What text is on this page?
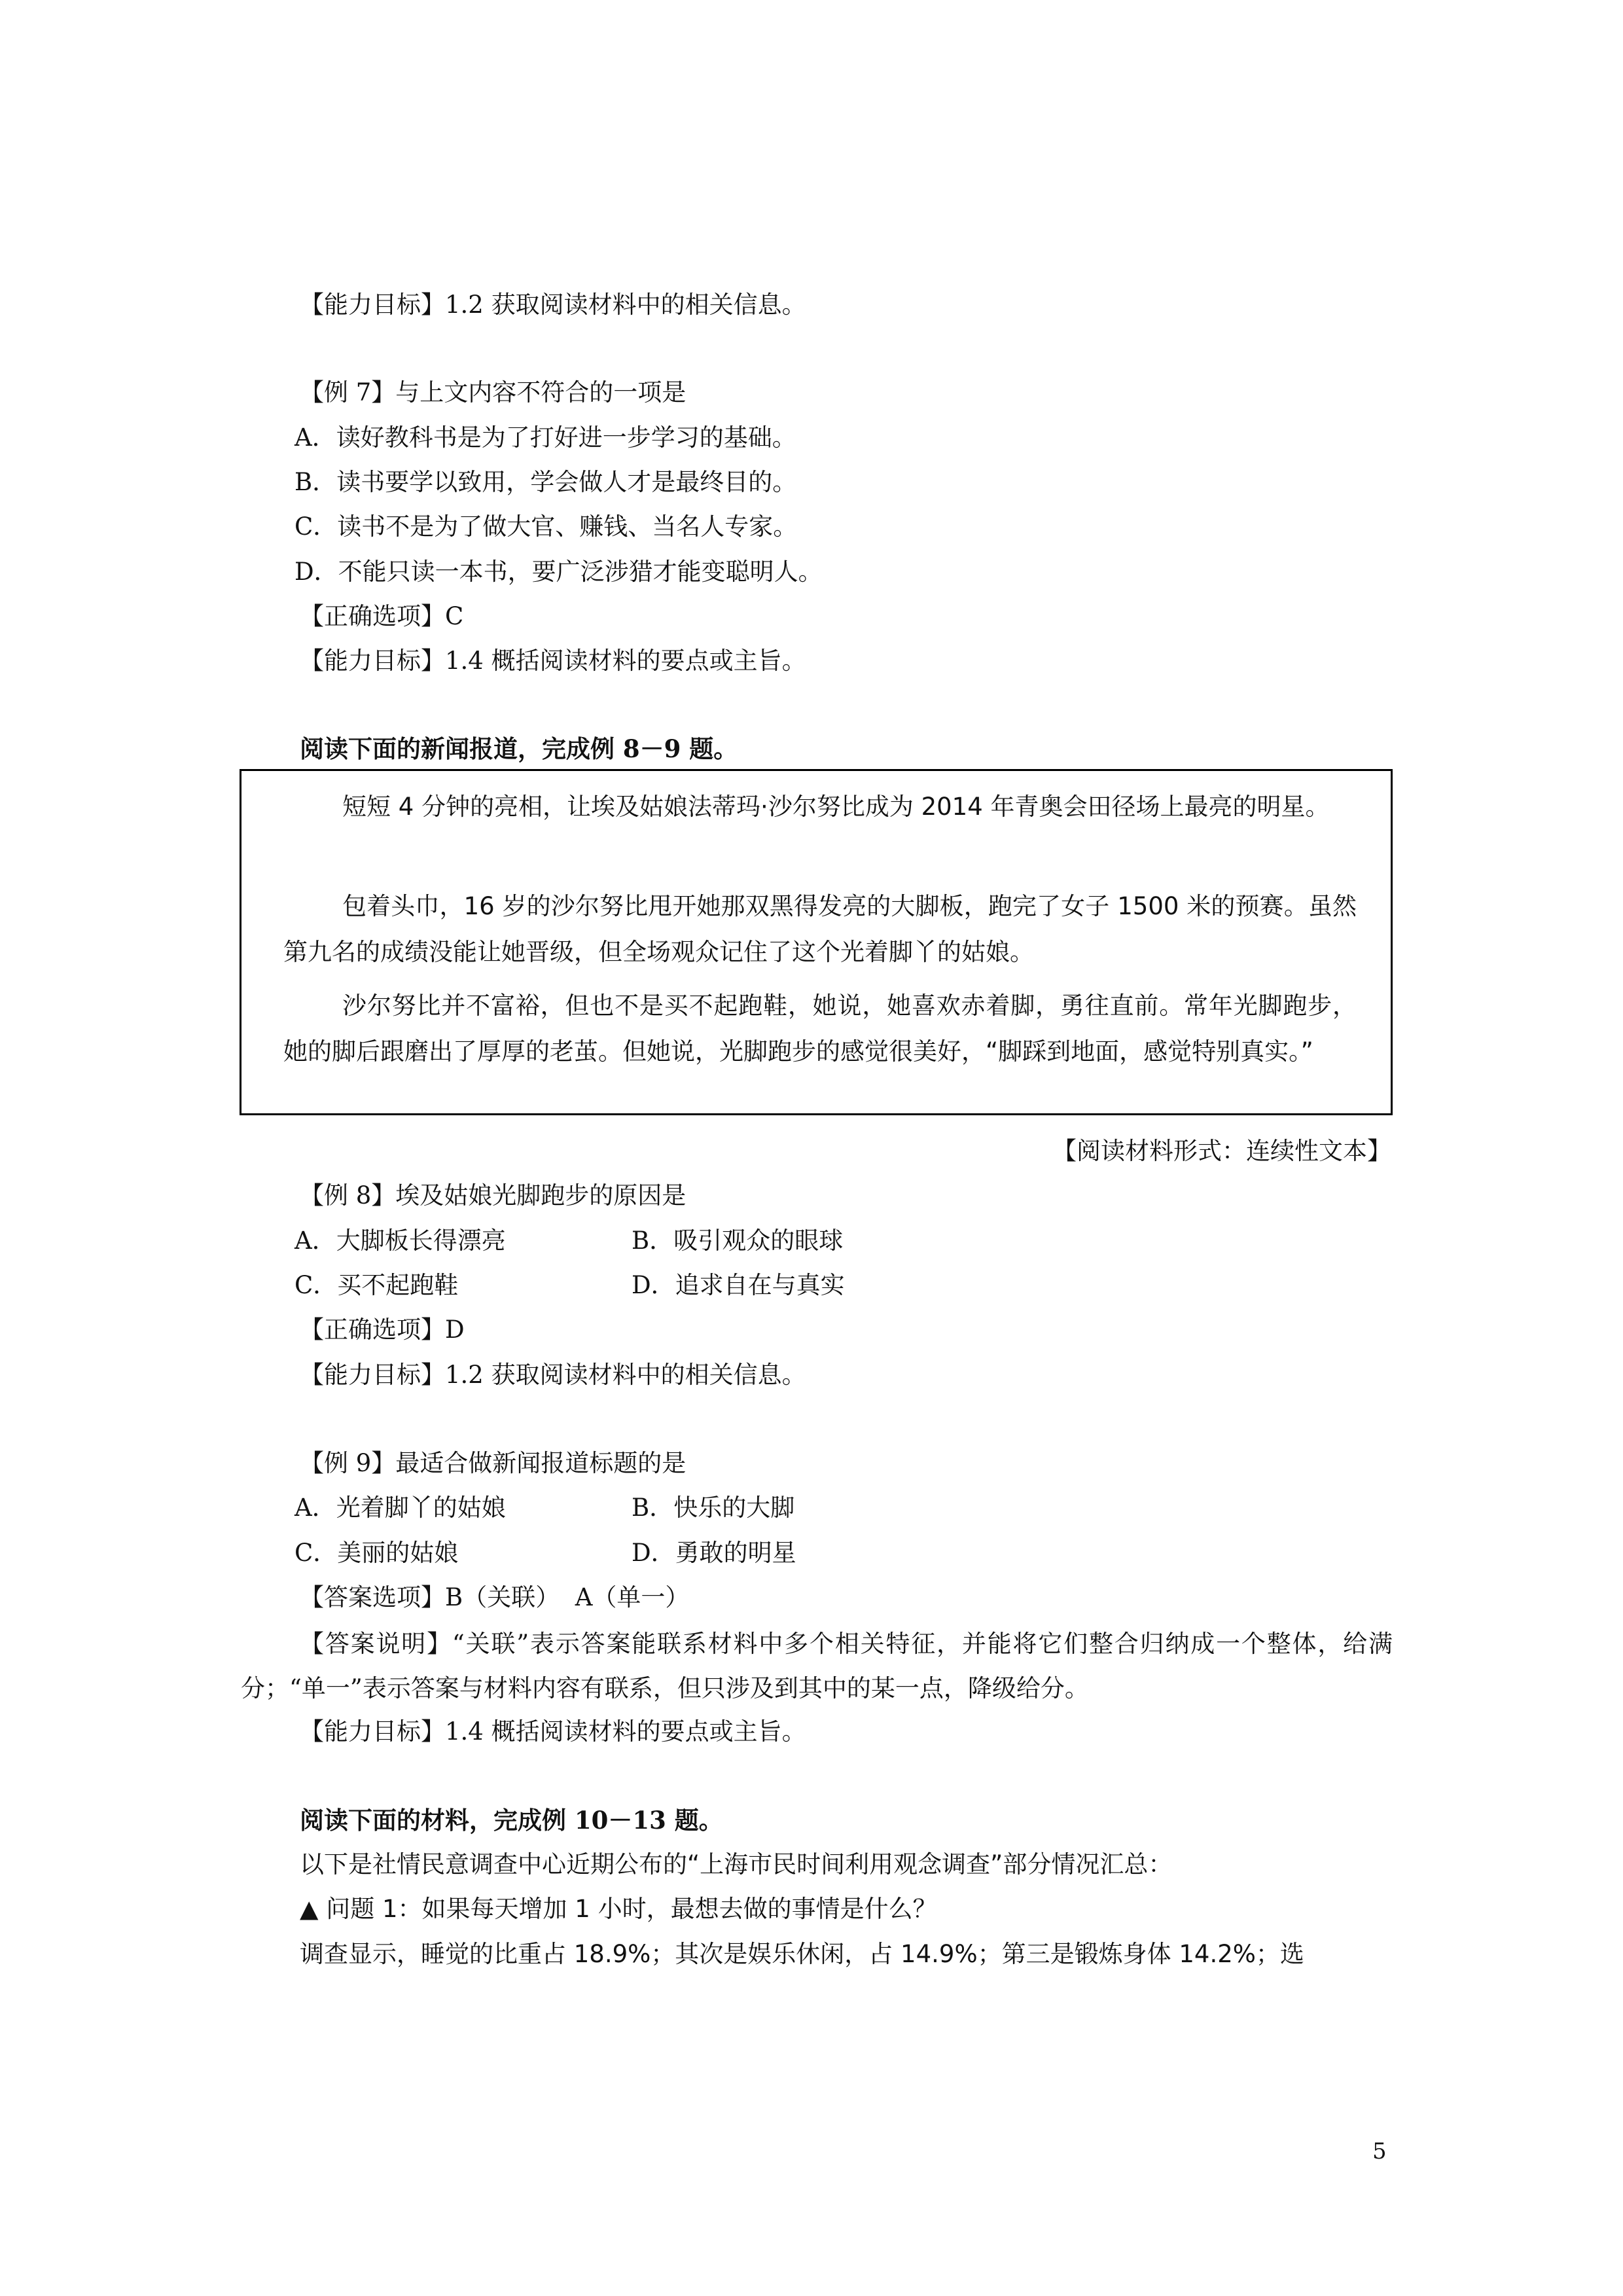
【能力目标】1.2 获取阅读材料中的相关信息。
【例 7】与上文内容不符合的一项是
A．读好教科书是为了打好进一步学习的基础。
B．读书要学以致用，学会做人才是最终目的。
C．读书不是为了做大官、赚钱、当名人专家。
D．不能只读一本书，要广泛涉猎才能变聪明人。
【正确选项】C
【能力目标】1.4 概括阅读材料的要点或主旨。
阅读下面的新闻报道，完成例 8－9 题。

短短 4 分钟的亮相，让埃及姑娘法蒂玛·沙尔努比成为 2014 年青奥会田径场上最亮的明星。

包着头巾，16 岁的沙尔努比甩开她那双黑得发亮的大脚板，跑完了女子 1500 米的预赛。虽然第九名的成绩没能让她晋级，但全场观众记住了这个光着脚丫的姑娘。

沙尔努比并不富裕，但也不是买不起跑鞋，她说，她喜欢赤着脚，勇往直前。常年光脚跑步，她的脚后跟磨出了厚厚的老茧。但她说，光脚跑步的感觉很美好，“脚踩到地面，感觉特别真实。”

【阅读材料形式：连续性文本】
【例 8】埃及姑娘光脚跑步的原因是
A．大脚板长得漂亮	B．吸引观众的眼球
C．买不起跑鞋	D．追求自在与真实
【正确选项】D
【能力目标】1.2 获取阅读材料中的相关信息。
【例 9】最适合做新闻报道标题的是
A．光着脚丫的姑娘	B．快乐的大脚
C．美丽的姑娘	D．勇敢的明星
【答案选项】B（关联）  A（单一）
【答案说明】“关联”表示答案能联系材料中多个相关特征，并能将它们整合归纳成一个整体，给满分；“单一”表示答案与材料内容有联系，但只涉及到其中的某一点，降级给分。
【能力目标】1.4 概括阅读材料的要点或主旨。
阅读下面的材料，完成例 10－13 题。
以下是社情民意调查中心近期公布的“上海市民时间利用观念调查”部分情况汇总：
▲ 问题 1：如果每天增加 1 小时，最想去做的事情是什么？
调查显示，睡觉的比重占 18.9%；其次是娱乐休闲，占 14.9%；第三是锻炼身体 14.2%；选
5
